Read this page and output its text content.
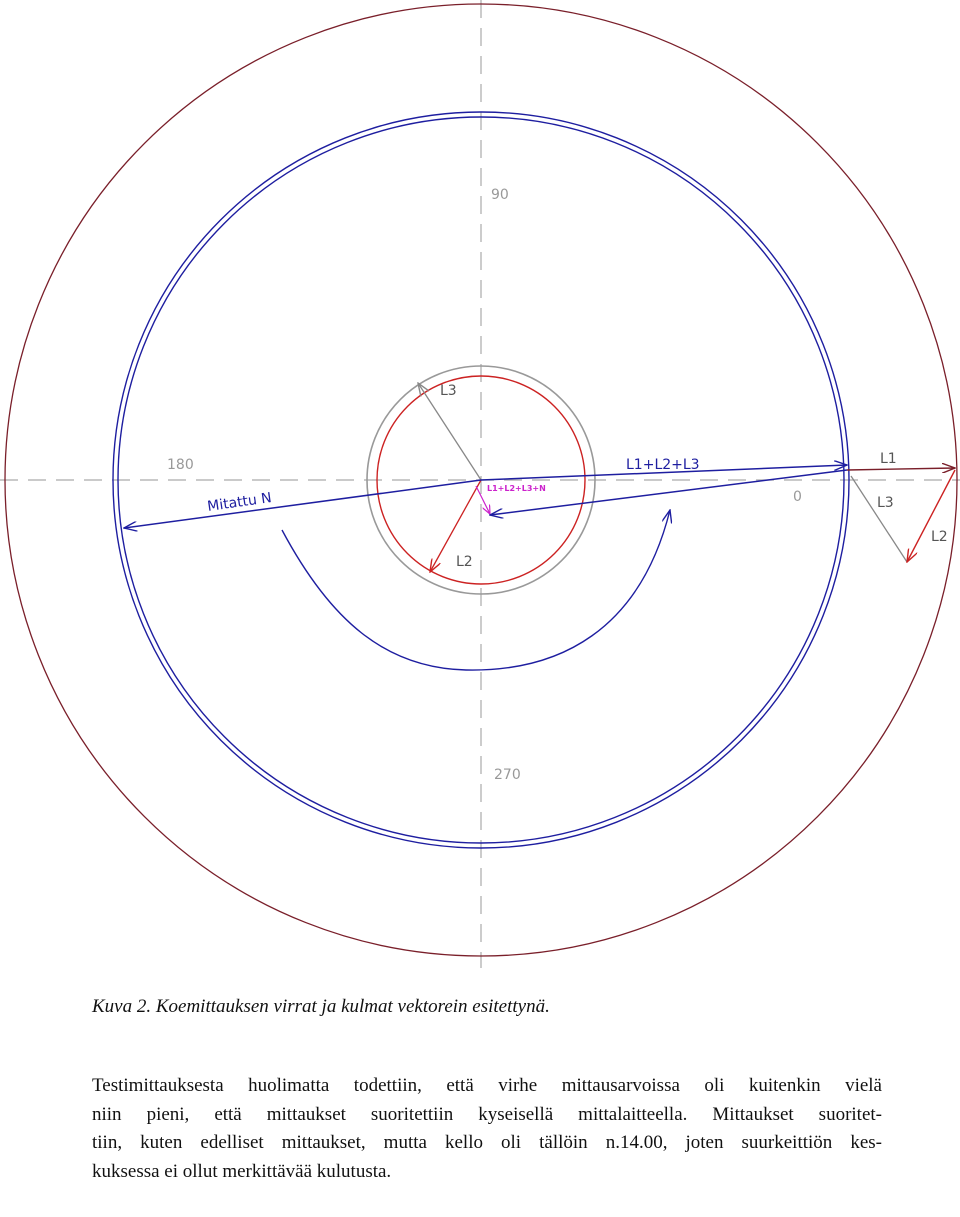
90
180
0
270
L3
L2
L1+L2+L3
L1+L2+L3+N
Mitattu N
L1
L3
L2

Kuva 2. Koemittauksen virrat ja kulmat vektorein esitettynä.

Testimittauksesta huolimatta todettiin, että virhe mittausarvoissa oli kuitenkin vielä
niin pieni, että mittaukset suoritettiin kyseisellä mittalaitteella. Mittaukset suoritet-
tiin, kuten edelliset mittaukset, mutta kello oli tällöin n.14.00, joten suurkeittiön kes-
kuksessa ei ollut merkittävää kulutusta.
